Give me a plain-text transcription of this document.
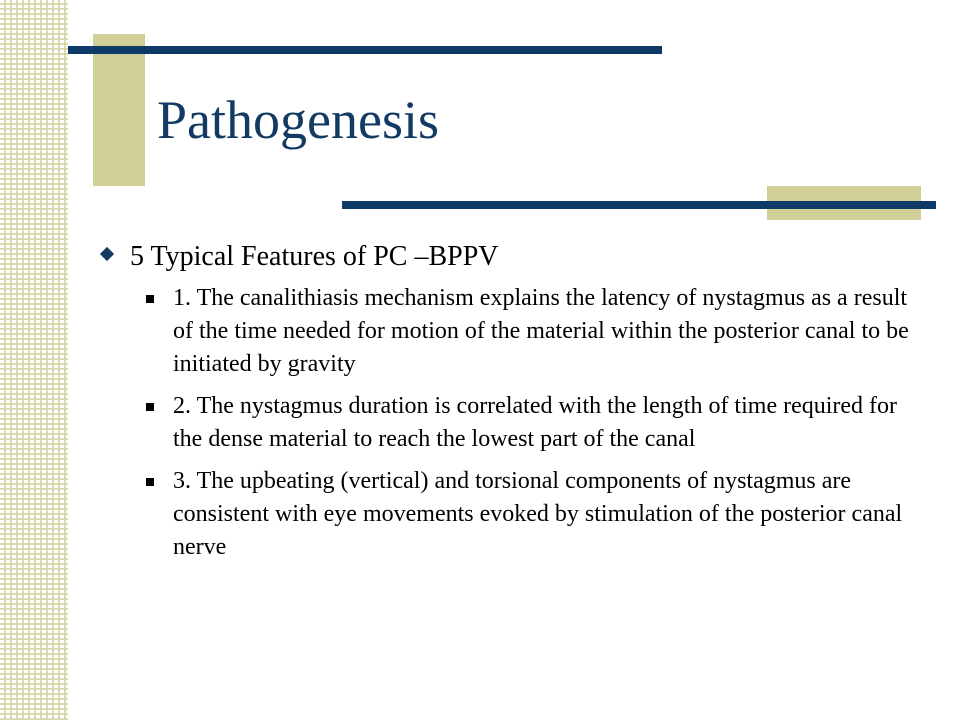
Pathogenesis
5 Typical Features of PC –BPPV
1. The canalithiasis mechanism explains the latency of nystagmus as a result of the time needed for motion of the material within the posterior canal to be initiated by gravity
2. The nystagmus duration is correlated with the length of time required for the dense material to reach the lowest part of the canal
3. The upbeating (vertical) and torsional components of nystagmus are consistent with eye movements evoked by stimulation of the posterior canal nerve
